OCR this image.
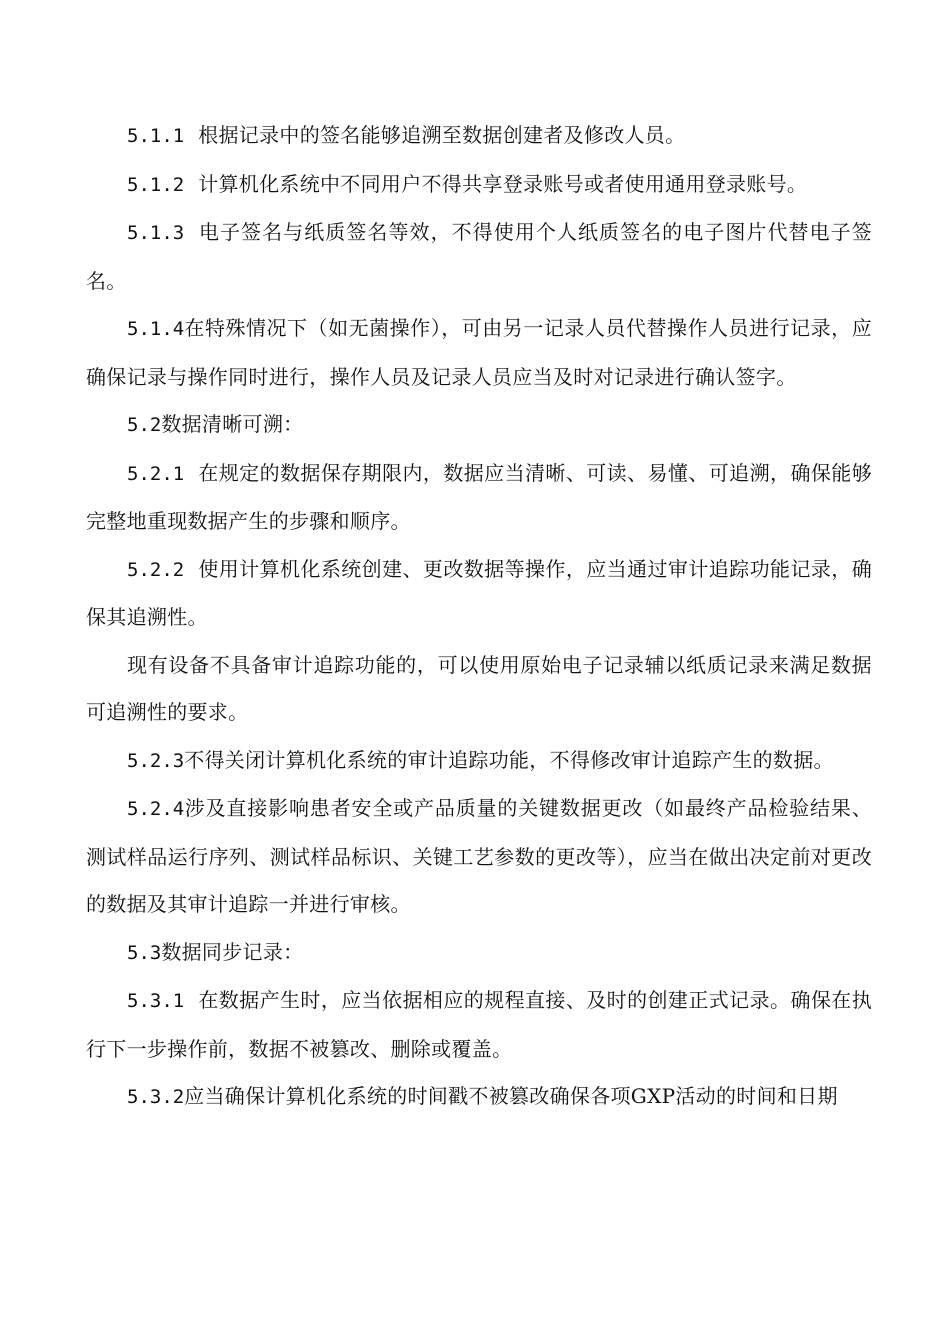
5.1.1 根据记录中的签名能够追溯至数据创建者及修改人员。

5.1.2 计算机化系统中不同用户不得共享登录账号或者使用通用登录账号。

5.1.3 电子签名与纸质签名等效，不得使用个人纸质签名的电子图片代替电子签名。

5.1.4在特殊情况下（如无菌操作），可由另一记录人员代替操作人员进行记录，应确保记录与操作同时进行，操作人员及记录人员应当及时对记录进行确认签字。

5.2数据清晰可溯：

5.2.1 在规定的数据保存期限内，数据应当清晰、可读、易懂、可追溯，确保能够完整地重现数据产生的步骤和顺序。

5.2.2 使用计算机化系统创建、更改数据等操作，应当通过审计追踪功能记录，确保其追溯性。

现有设备不具备审计追踪功能的，可以使用原始电子记录辅以纸质记录来满足数据可追溯性的要求。

5.2.3不得关闭计算机化系统的审计追踪功能，不得修改审计追踪产生的数据。

5.2.4涉及直接影响患者安全或产品质量的关键数据更改（如最终产品检验结果、测试样品运行序列、测试样品标识、关键工艺参数的更改等），应当在做出决定前对更改的数据及其审计追踪一并进行审核。

5.3数据同步记录：

5.3.1 在数据产生时，应当依据相应的规程直接、及时的创建正式记录。确保在执行下一步操作前，数据不被篡改、删除或覆盖。

5.3.2应当确保计算机化系统的时间戳不被篡改确保各项GXP活动的时间和日期
